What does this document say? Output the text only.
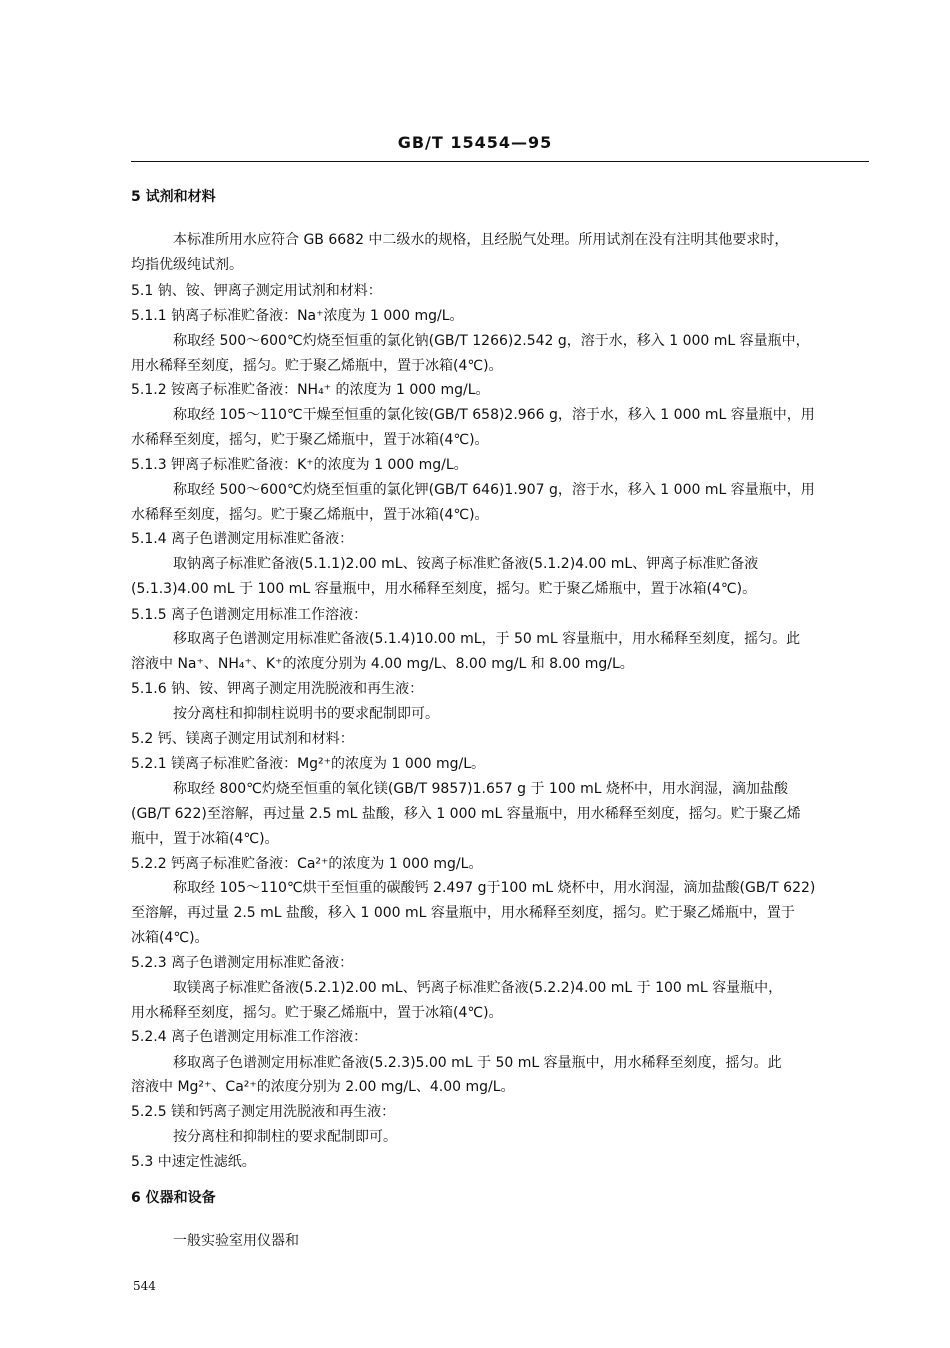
GB/T 15454—95
5 试剂和材料
本标准所用水应符合 GB 6682 中二级水的规格，且经脱气处理。所用试剂在没有注明其他要求时，
均指优级纯试剂。
5.1 钠、铵、钾离子测定用试剂和材料：
5.1.1 钠离子标准贮备液：Na⁺浓度为 1 000 mg/L。
称取经 500～600℃灼烧至恒重的氯化钠(GB/T 1266)2.542 g，溶于水，移入 1 000 mL 容量瓶中，
用水稀释至刻度，摇匀。贮于聚乙烯瓶中，置于冰箱(4℃)。
5.1.2 铵离子标准贮备液：NH₄⁺ 的浓度为 1 000 mg/L。
称取经 105～110℃干燥至恒重的氯化铵(GB/T 658)2.966 g，溶于水，移入 1 000 mL 容量瓶中，用
水稀释至刻度，摇匀，贮于聚乙烯瓶中，置于冰箱(4℃)。
5.1.3 钾离子标准贮备液：K⁺的浓度为 1 000 mg/L。
称取经 500～600℃灼烧至恒重的氯化钾(GB/T 646)1.907 g，溶于水，移入 1 000 mL 容量瓶中，用
水稀释至刻度，摇匀。贮于聚乙烯瓶中，置于冰箱(4℃)。
5.1.4 离子色谱测定用标准贮备液：
取钠离子标准贮备液(5.1.1)2.00 mL、铵离子标准贮备液(5.1.2)4.00 mL、钾离子标准贮备液
(5.1.3)4.00 mL 于 100 mL 容量瓶中，用水稀释至刻度，摇匀。贮于聚乙烯瓶中，置于冰箱(4℃)。
5.1.5 离子色谱测定用标准工作溶液：
移取离子色谱测定用标准贮备液(5.1.4)10.00 mL，于 50 mL 容量瓶中，用水稀释至刻度，摇匀。此
溶液中 Na⁺、NH₄⁺、K⁺的浓度分别为 4.00 mg/L、8.00 mg/L 和 8.00 mg/L。
5.1.6 钠、铵、钾离子测定用洗脱液和再生液：
按分离柱和抑制柱说明书的要求配制即可。
5.2 钙、镁离子测定用试剂和材料：
5.2.1 镁离子标准贮备液：Mg²⁺的浓度为 1 000 mg/L。
称取经 800℃灼烧至恒重的氧化镁(GB/T 9857)1.657 g 于 100 mL 烧杯中，用水润湿，滴加盐酸
(GB/T 622)至溶解，再过量 2.5 mL 盐酸，移入 1 000 mL 容量瓶中，用水稀释至刻度，摇匀。贮于聚乙烯
瓶中，置于冰箱(4℃)。
5.2.2 钙离子标准贮备液：Ca²⁺的浓度为 1 000 mg/L。
称取经 105～110℃烘干至恒重的碳酸钙 2.497 g于100 mL 烧杯中，用水润湿，滴加盐酸(GB/T 622)
至溶解，再过量 2.5 mL 盐酸，移入 1 000 mL 容量瓶中，用水稀释至刻度，摇匀。贮于聚乙烯瓶中，置于
冰箱(4℃)。
5.2.3 离子色谱测定用标准贮备液：
取镁离子标准贮备液(5.2.1)2.00 mL、钙离子标准贮备液(5.2.2)4.00 mL 于 100 mL 容量瓶中，
用水稀释至刻度，摇匀。贮于聚乙烯瓶中，置于冰箱(4℃)。
5.2.4 离子色谱测定用标准工作溶液：
移取离子色谱测定用标准贮备液(5.2.3)5.00 mL 于 50 mL 容量瓶中，用水稀释至刻度，摇匀。此
溶液中 Mg²⁺、Ca²⁺的浓度分别为 2.00 mg/L、4.00 mg/L。
5.2.5 镁和钙离子测定用洗脱液和再生液：
按分离柱和抑制柱的要求配制即可。
5.3 中速定性滤纸。
6 仪器和设备
一般实验室用仪器和
544
